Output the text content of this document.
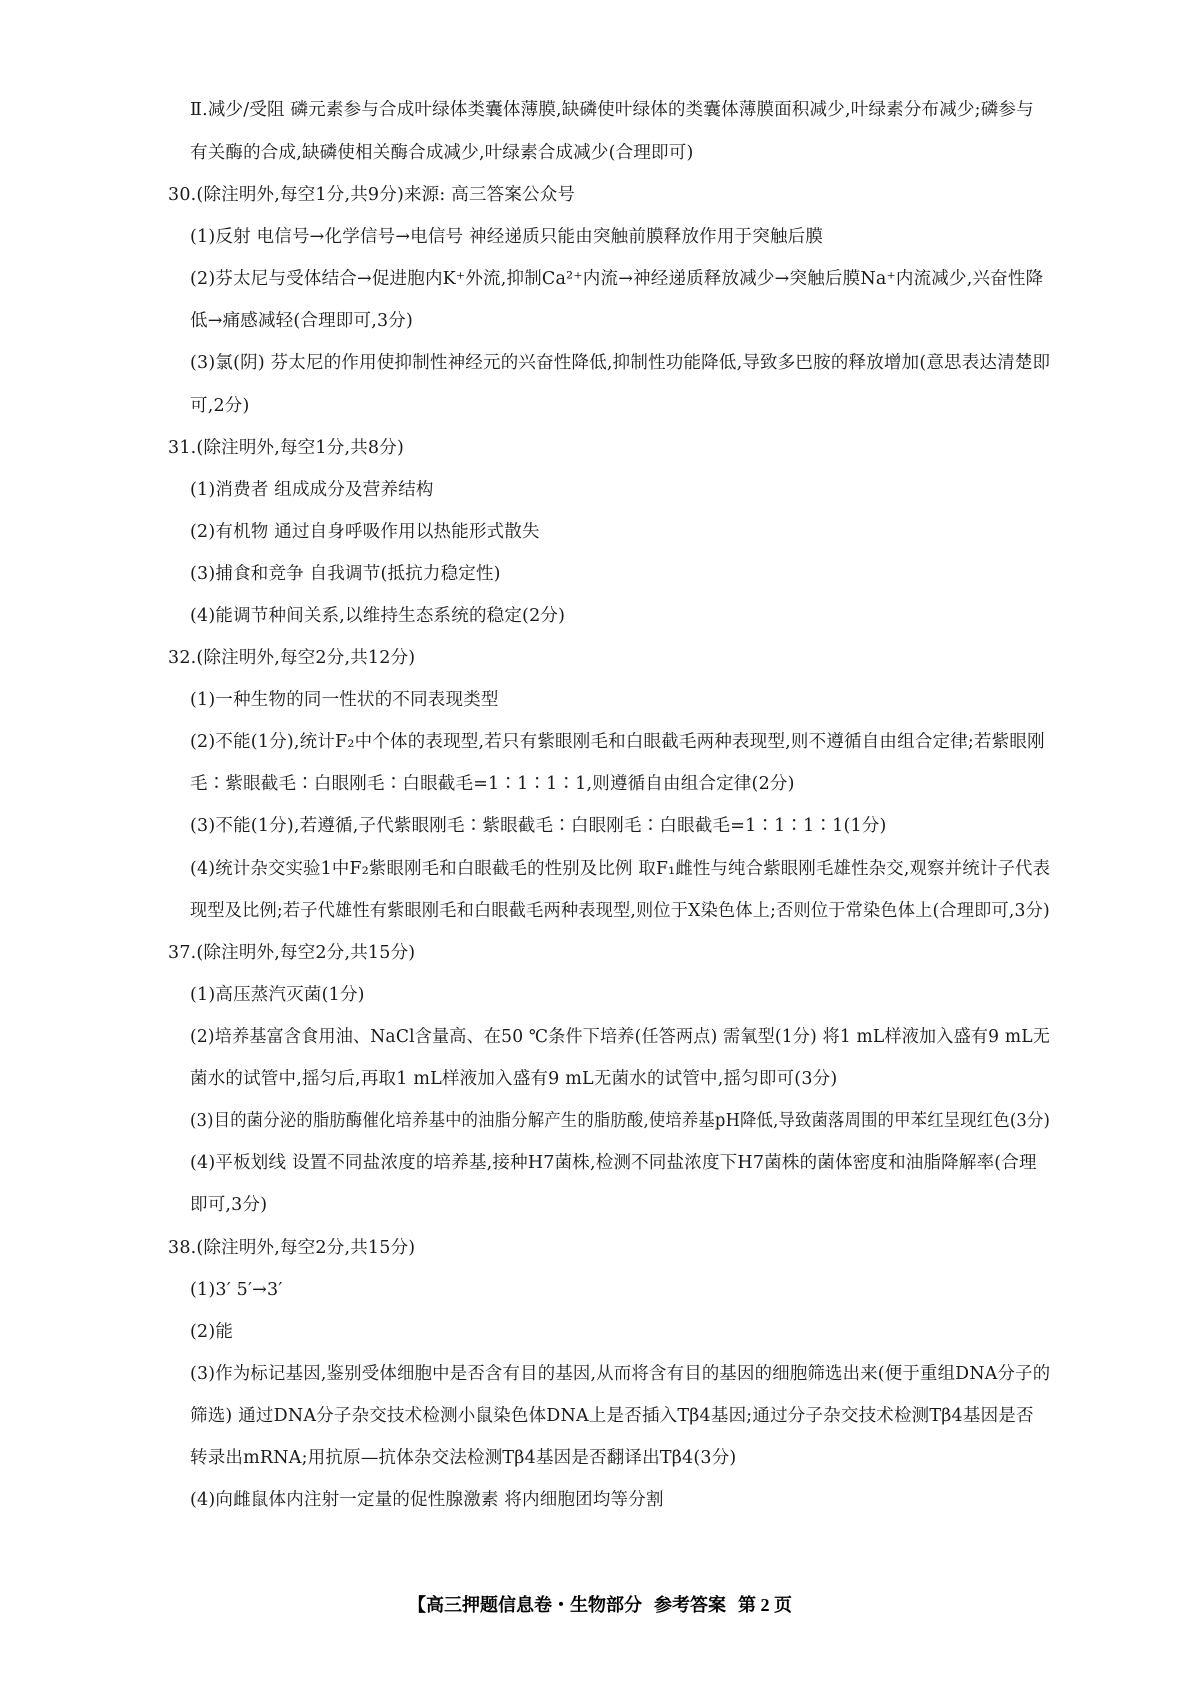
Ⅱ.减少/受阻 磷元素参与合成叶绿体类囊体薄膜,缺磷使叶绿体的类囊体薄膜面积减少,叶绿素分布减少;磷参与
有关酶的合成,缺磷使相关酶合成减少,叶绿素合成减少(合理即可)
30.(除注明外,每空1分,共9分)来源: 高三答案公众号
(1)反射 电信号→化学信号→电信号 神经递质只能由突触前膜释放作用于突触后膜
(2)芬太尼与受体结合→促进胞内K⁺外流,抑制Ca²⁺内流→神经递质释放减少→突触后膜Na⁺内流减少,兴奋性降
低→痛感减轻(合理即可,3分)
(3)氯(阴) 芬太尼的作用使抑制性神经元的兴奋性降低,抑制性功能降低,导致多巴胺的释放增加(意思表达清楚即
可,2分)
31.(除注明外,每空1分,共8分)
(1)消费者 组成成分及营养结构
(2)有机物 通过自身呼吸作用以热能形式散失
(3)捕食和竞争 自我调节(抵抗力稳定性)
(4)能调节种间关系,以维持生态系统的稳定(2分)
32.(除注明外,每空2分,共12分)
(1)一种生物的同一性状的不同表现类型
(2)不能(1分),统计F₂中个体的表现型,若只有紫眼刚毛和白眼截毛两种表现型,则不遵循自由组合定律;若紫眼刚
毛∶紫眼截毛∶白眼刚毛∶白眼截毛=1∶1∶1∶1,则遵循自由组合定律(2分)
(3)不能(1分),若遵循,子代紫眼刚毛∶紫眼截毛∶白眼刚毛∶白眼截毛=1∶1∶1∶1(1分)
(4)统计杂交实验1中F₂紫眼刚毛和白眼截毛的性别及比例 取F₁雌性与纯合紫眼刚毛雄性杂交,观察并统计子代表
现型及比例;若子代雄性有紫眼刚毛和白眼截毛两种表现型,则位于X染色体上;否则位于常染色体上(合理即可,3分)
37.(除注明外,每空2分,共15分)
(1)高压蒸汽灭菌(1分)
(2)培养基富含食用油、NaCl含量高、在50 ℃条件下培养(任答两点) 需氧型(1分) 将1 mL样液加入盛有9 mL无
菌水的试管中,摇匀后,再取1 mL样液加入盛有9 mL无菌水的试管中,摇匀即可(3分)
(3)目的菌分泌的脂肪酶催化培养基中的油脂分解产生的脂肪酸,使培养基pH降低,导致菌落周围的甲苯红呈现红色(3分)
(4)平板划线 设置不同盐浓度的培养基,接种H7菌株,检测不同盐浓度下H7菌株的菌体密度和油脂降解率(合理
即可,3分)
38.(除注明外,每空2分,共15分)
(1)3′ 5′→3′
(2)能
(3)作为标记基因,鉴别受体细胞中是否含有目的基因,从而将含有目的基因的细胞筛选出来(便于重组DNA分子的
筛选) 通过DNA分子杂交技术检测小鼠染色体DNA上是否插入Tβ4基因;通过分子杂交技术检测Tβ4基因是否
转录出mRNA;用抗原—抗体杂交法检测Tβ4基因是否翻译出Tβ4(3分)
(4)向雌鼠体内注射一定量的促性腺激素 将内细胞团均等分割
【高三押题信息卷・生物部分 参考答案 第 2 页
